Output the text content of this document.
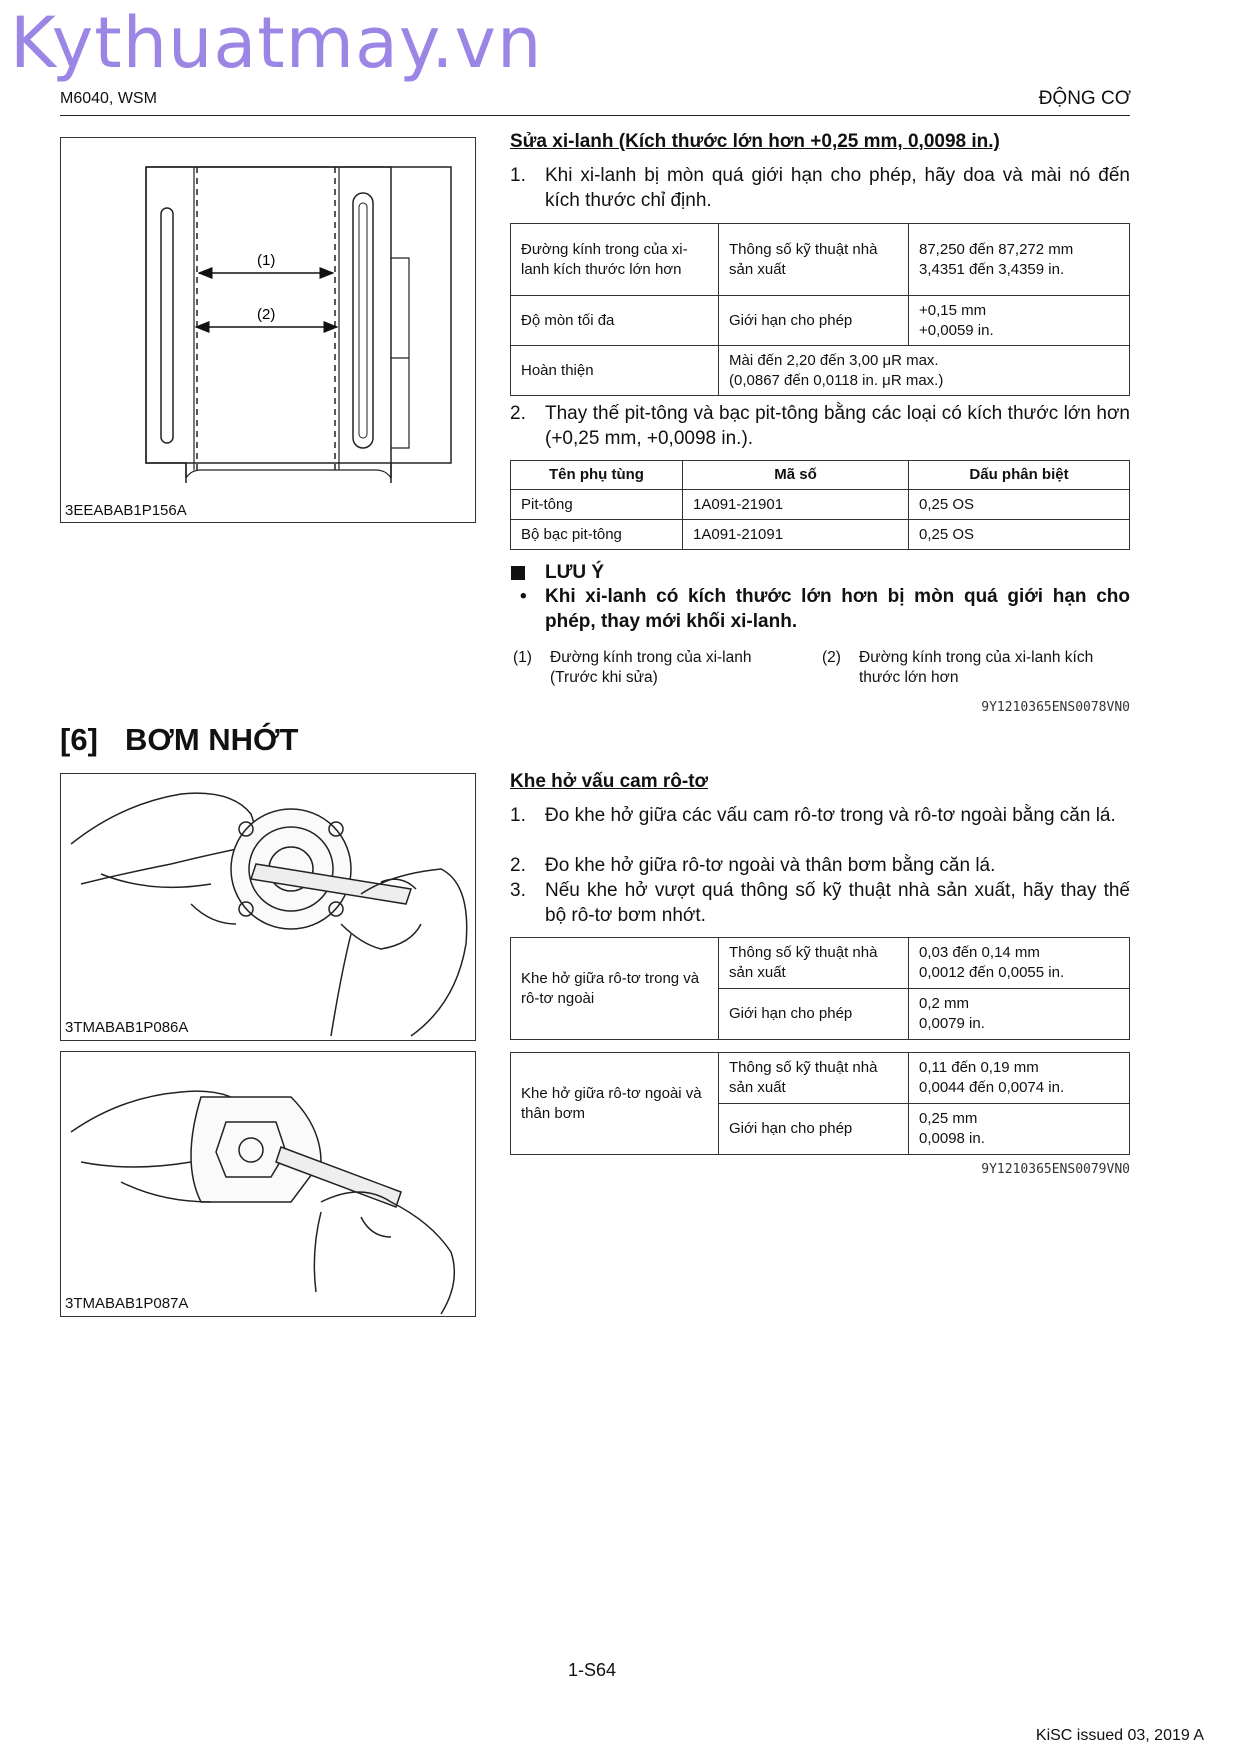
Kythuatmay.vn
M6040, WSM	ĐỘNG CƠ
(1)
(2)
3EEABAB1P156A
Sửa xi-lanh (Kích thước lớn hơn +0,25 mm, 0,0098 in.)
1. Khi xi-lanh bị mòn quá giới hạn cho phép, hãy doa và mài nó đến kích thước chỉ định.
Đường kính trong của xi-lanh kích thước lớn hơn	Thông số kỹ thuật nhà sản xuất	87,250 đến 87,272 mm
3,4351 đến 3,4359 in.

Độ mòn tối đa	Giới hạn cho phép	+0,15 mm
+0,0059 in.

Hoàn thiện	Mài đến 2,20 đến 3,00 μR max.
(0,0867 đến 0,0118 in. μR max.)	
2. Thay thế pit-tông và bạc pit-tông bằng các loại có kích thước lớn hơn (+0,25 mm, +0,0098 in.).
Tên phụ tùng	Mã số	Dấu phân biệt
Pit-tông	1A091-21901	0,25 OS
Bộ bạc pit-tông	1A091-21091	0,25 OS
LƯU Ý
• Khi xi-lanh có kích thước lớn hơn bị mòn quá giới hạn cho phép, thay mới khối xi-lanh.
(1) Đường kính trong của xi-lanh (Trước khi sửa)
(2) Đường kính trong của xi-lanh kích thước lớn hơn
9Y1210365ENS0078VN0
[6] BƠM NHỚT
3TMABAB1P086A
3TMABAB1P087A
Khe hở vấu cam rô-tơ
1. Đo khe hở giữa các vấu cam rô-tơ trong và rô-tơ ngoài bằng căn lá.
2. Đo khe hở giữa rô-tơ ngoài và thân bơm bằng căn lá.
3. Nếu khe hở vượt quá thông số kỹ thuật nhà sản xuất, hãy thay thế bộ rô-tơ bơm nhớt.
Khe hở giữa rô-tơ trong và rô-tơ ngoài	Thông số kỹ thuật nhà sản xuất	0,03 đến 0,14 mm
0,0012 đến 0,0055 in.

	Giới hạn cho phép	0,2 mm
0,0079 in.
Khe hở giữa rô-tơ ngoài và thân bơm	Thông số kỹ thuật nhà sản xuất	0,11 đến 0,19 mm
0,0044 đến 0,0074 in.

	Giới hạn cho phép	0,25 mm
0,0098 in.
9Y1210365ENS0079VN0
1-S64
KiSC issued 03, 2019 A
